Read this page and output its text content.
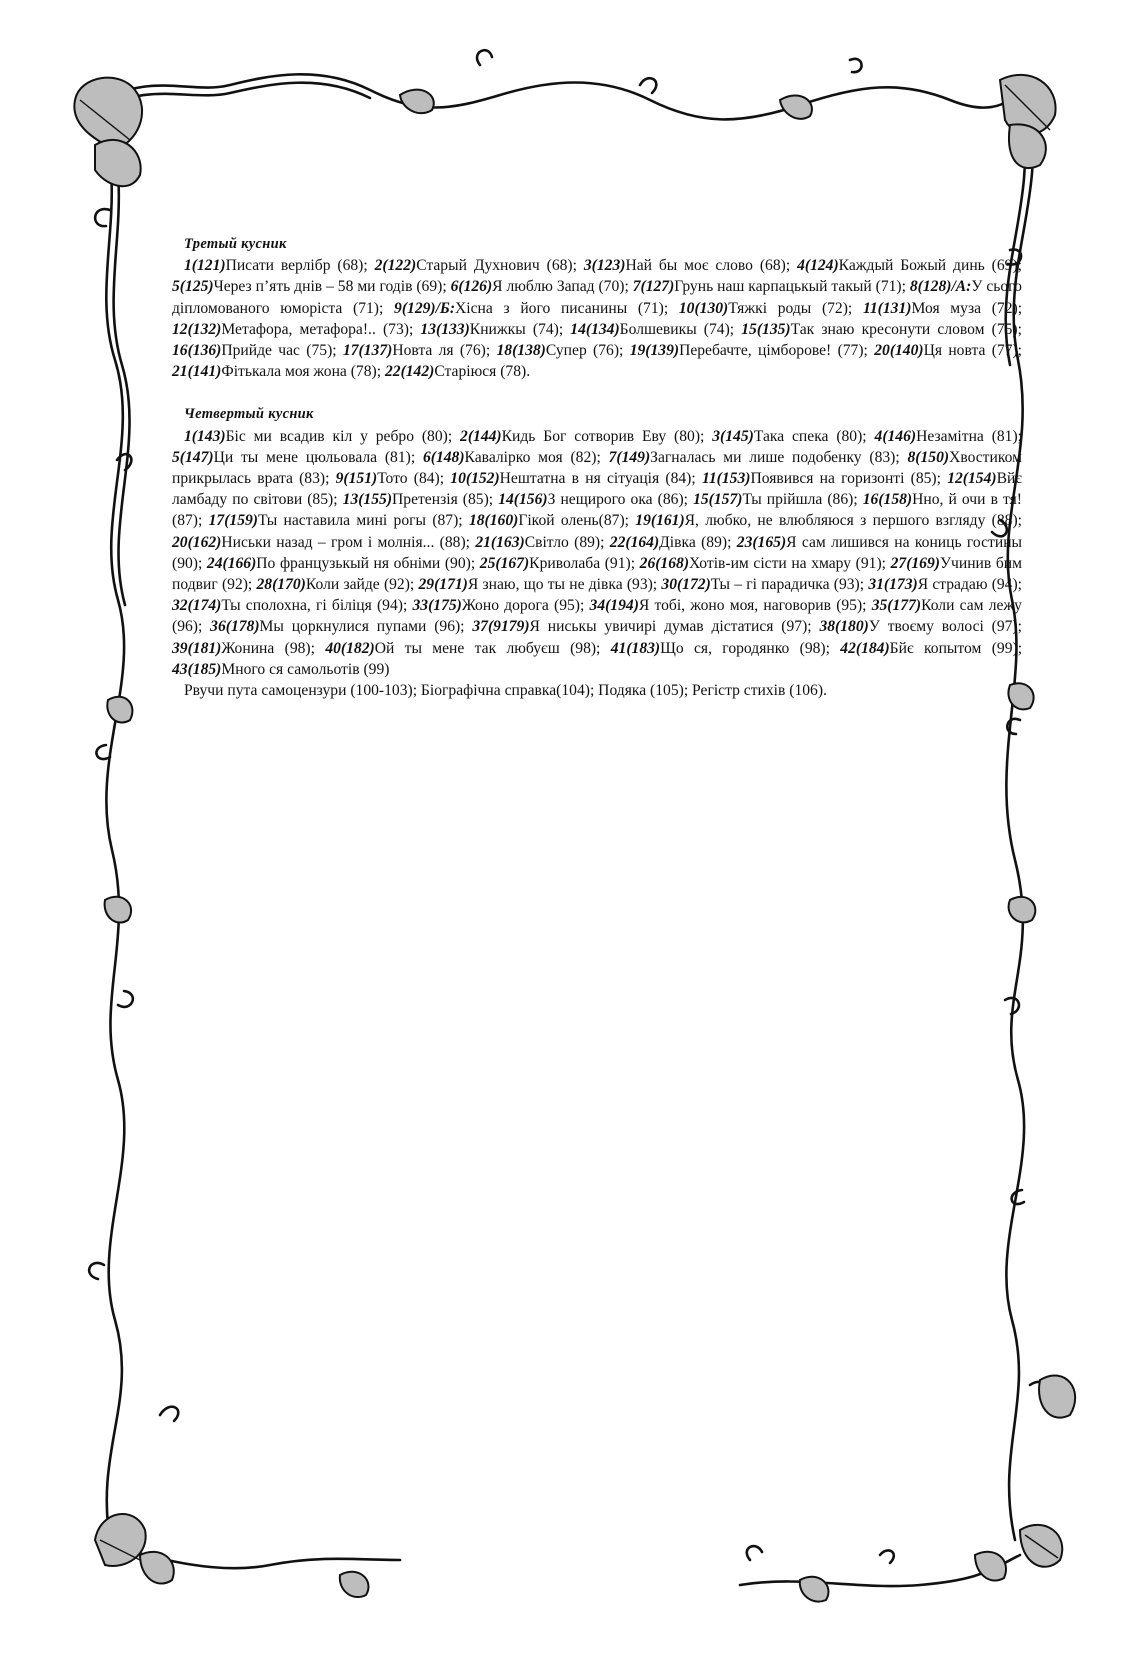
Третый кусник

1(121)Писати верлібр (68); 2(122)Старый Духнович (68); 3(123)Най бы моє слово (68); 4(124)Каждый Божый динь (69); 5(125)Через п’ять днів – 58 ми годів (69); 6(126)Я люблю Запад (70); 7(127)Грунь наш карпацькый такый (71); 8(128)/А:У сього діпломованого юморіста (71); 9(129)/Б:Хісна з його писанины (71); 10(130)Тяжкі роды (72); 11(131)Моя муза (72); 12(132)Метафора, метафора!.. (73); 13(133)Книжкы (74); 14(134)Болшевикы (74); 15(135)Так знаю кресонути словом (75); 16(136)Прийде час (75); 17(137)Новта ля (76); 18(138)Супер (76); 19(139)Перебачте, цімборове! (77); 20(140)Ця новта (77); 21(141)Фітькала моя жона (78); 22(142)Старіюся (78).

Четвертый кусник

1(143)Біс ми всадив кіл у ребро (80); 2(144)Кидь Бог сотворив Еву (80); 3(145)Така спека (80); 4(146)Незамітна (81); 5(147)Ци ты мене цюльовала (81); 6(148)Кавалірко моя (82); 7(149)Загналась ми лише подобенку (83); 8(150)Хвостиком прикрылась врата (83); 9(151)Тото (84); 10(152)Нештатна в ня сітуація (84); 11(153)Появився на горизонті (85); 12(154)Вйє ламбаду по світови (85); 13(155)Претензія (85); 14(156)З нещирого ока (86); 15(157)Ты прійшла (86); 16(158)Нно, й очи в тя! (87); 17(159)Ты наставила мині рогы (87); 18(160)Гікой олень(87); 19(161)Я, любко, не влюбляюся з першого взгляду (88); 20(162)Ниськи назад – гром і молнія... (88); 21(163)Світло (89); 22(164)Дівка (89); 23(165)Я сам лишився на кониць гостины (90); 24(166)По французькый ня обніми (90); 25(167)Криволаба (91); 26(168)Хотів-им сісти на хмару (91); 27(169)Учинив бим подвиг (92); 28(170)Коли зайде (92); 29(171)Я знаю, що ты не дівка (93); 30(172)Ты – гі парадичка (93); 31(173)Я страдаю (94); 32(174)Ты сполохна, гі біліця (94); 33(175)Жоно дорога (95); 34(194)Я тобі, жоно моя, наговорив (95); 35(177)Коли сам лежу (96); 36(178)Мы цоркнулися пупами (96); 37(9179)Я ниськы увичирі думав дістатися (97); 38(180)У твоєму волосі (97); 39(181)Жонина (98); 40(182)Ой ты мене так любуєш (98); 41(183)Що ся, городянко (98); 42(184)Бйє копытом (99); 43(185)Много ся самольотів (99)

Рвучи пута самоцензури (100-103); Біографічна справка(104); Подяка (105); Регістр стихів (106).
